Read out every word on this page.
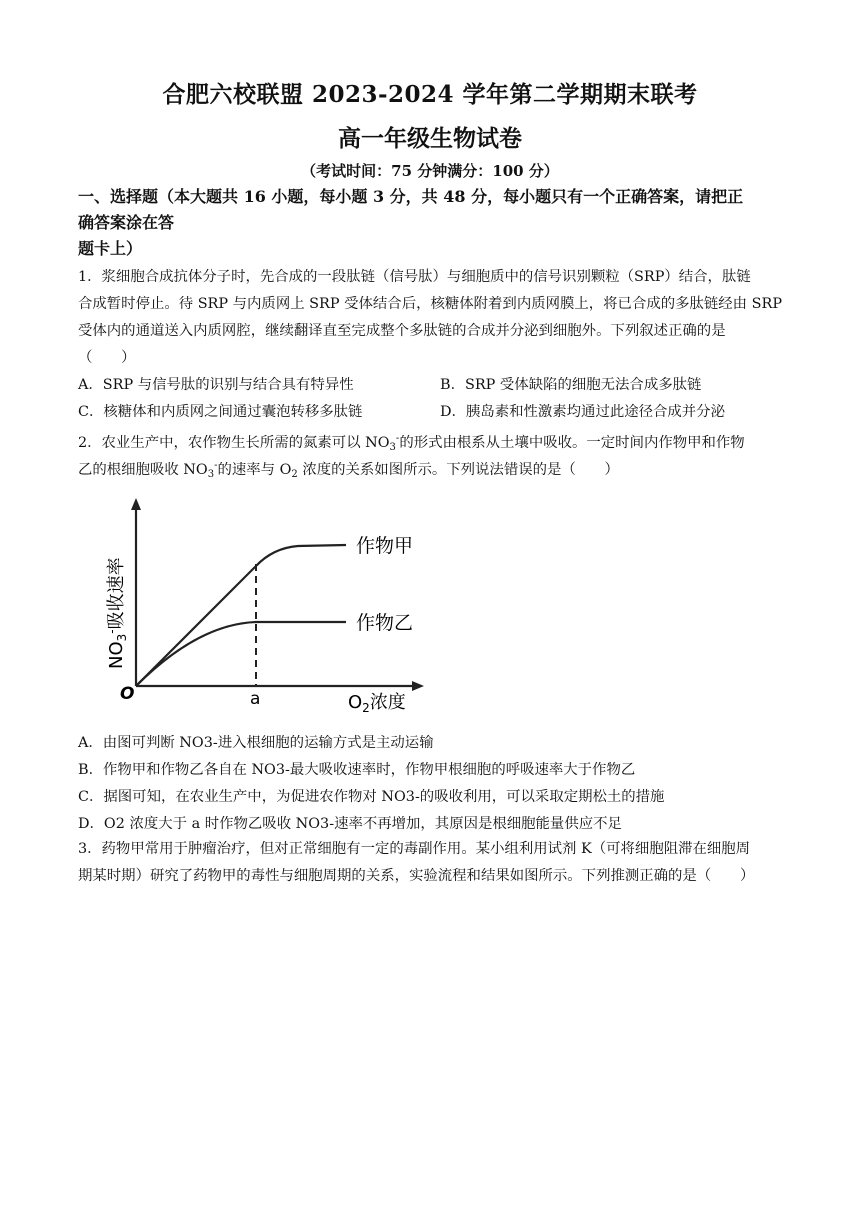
合肥六校联盟 2023-2024 学年第二学期期末联考
高一年级生物试卷
（考试时间：75 分钟满分：100 分）
一、选择题（本大题共 16 小题，每小题 3 分，共 48 分，每小题只有一个正确答案，请把正
确答案涂在答
题卡上）
1．浆细胞合成抗体分子时，先合成的一段肽链（信号肽）与细胞质中的信号识别颗粒（SRP）结合，肽链
合成暂时停止。待 SRP 与内质网上 SRP 受体结合后，核糖体附着到内质网膜上，将已合成的多肽链经由 SRP
受体内的通道送入内质网腔，继续翻译直至完成整个多肽链的合成并分泌到细胞外。下列叙述正确的是
（　　）
A．SRP 与信号肽的识别与结合具有特异性	B．SRP 受体缺陷的细胞无法合成多肽链
C．核糖体和内质网之间通过囊泡转移多肽链	D．胰岛素和性激素均通过此途径合成并分泌
2．农业生产中，农作物生长所需的氮素可以 $NO_3^-$的形式由根系从土壤中吸收。一定时间内作物甲和作物
乙的根细胞吸收 $NO_3^-$的速率与 $O_2$ 浓度的关系如图所示。下列说法错误的是（　　）
O	a
作物甲
作物乙
$O_2$浓度
$NO_3^-$吸收速率
A．由图可判断 NO3-进入根细胞的运输方式是主动运输
B．作物甲和作物乙各自在 NO3-最大吸收速率时，作物甲根细胞的呼吸速率大于作物乙
C．据图可知，在农业生产中，为促进农作物对 NO3-的吸收利用，可以采取定期松土的措施
D．O2 浓度大于 a 时作物乙吸收 NO3-速率不再增加，其原因是根细胞能量供应不足
3．药物甲常用于肿瘤治疗，但对正常细胞有一定的毒副作用。某小组利用试剂 K（可将细胞阻滞在细胞周
期某时期）研究了药物甲的毒性与细胞周期的关系，实验流程和结果如图所示。下列推测正确的是（　　）
